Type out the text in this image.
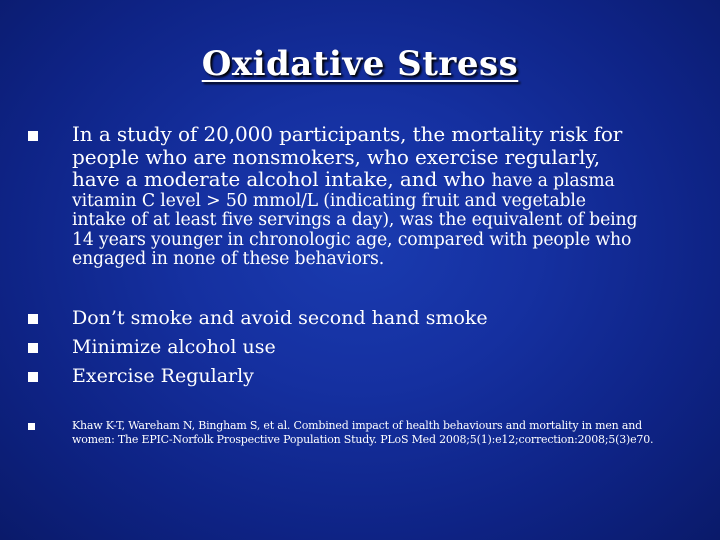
Oxidative Stress
In a study of 20,000 participants, the mortality risk for
people who are nonsmokers, who exercise regularly,
have a moderate alcohol intake, and who have a plasma
vitamin C level > 50 mmol/L (indicating fruit and vegetable
intake of at least five servings a day), was the equivalent of being
14 years younger in chronologic age, compared with people who
engaged in none of these behaviors.
Don’t smoke and avoid second hand smoke
Minimize alcohol use
Exercise Regularly
Khaw K-T, Wareham N, Bingham S, et al. Combined impact of health behaviours and mortality in men and
women: The EPIC-Norfolk Prospective Population Study. PLoS Med 2008;5(1):e12;correction:2008;5(3)e70.
